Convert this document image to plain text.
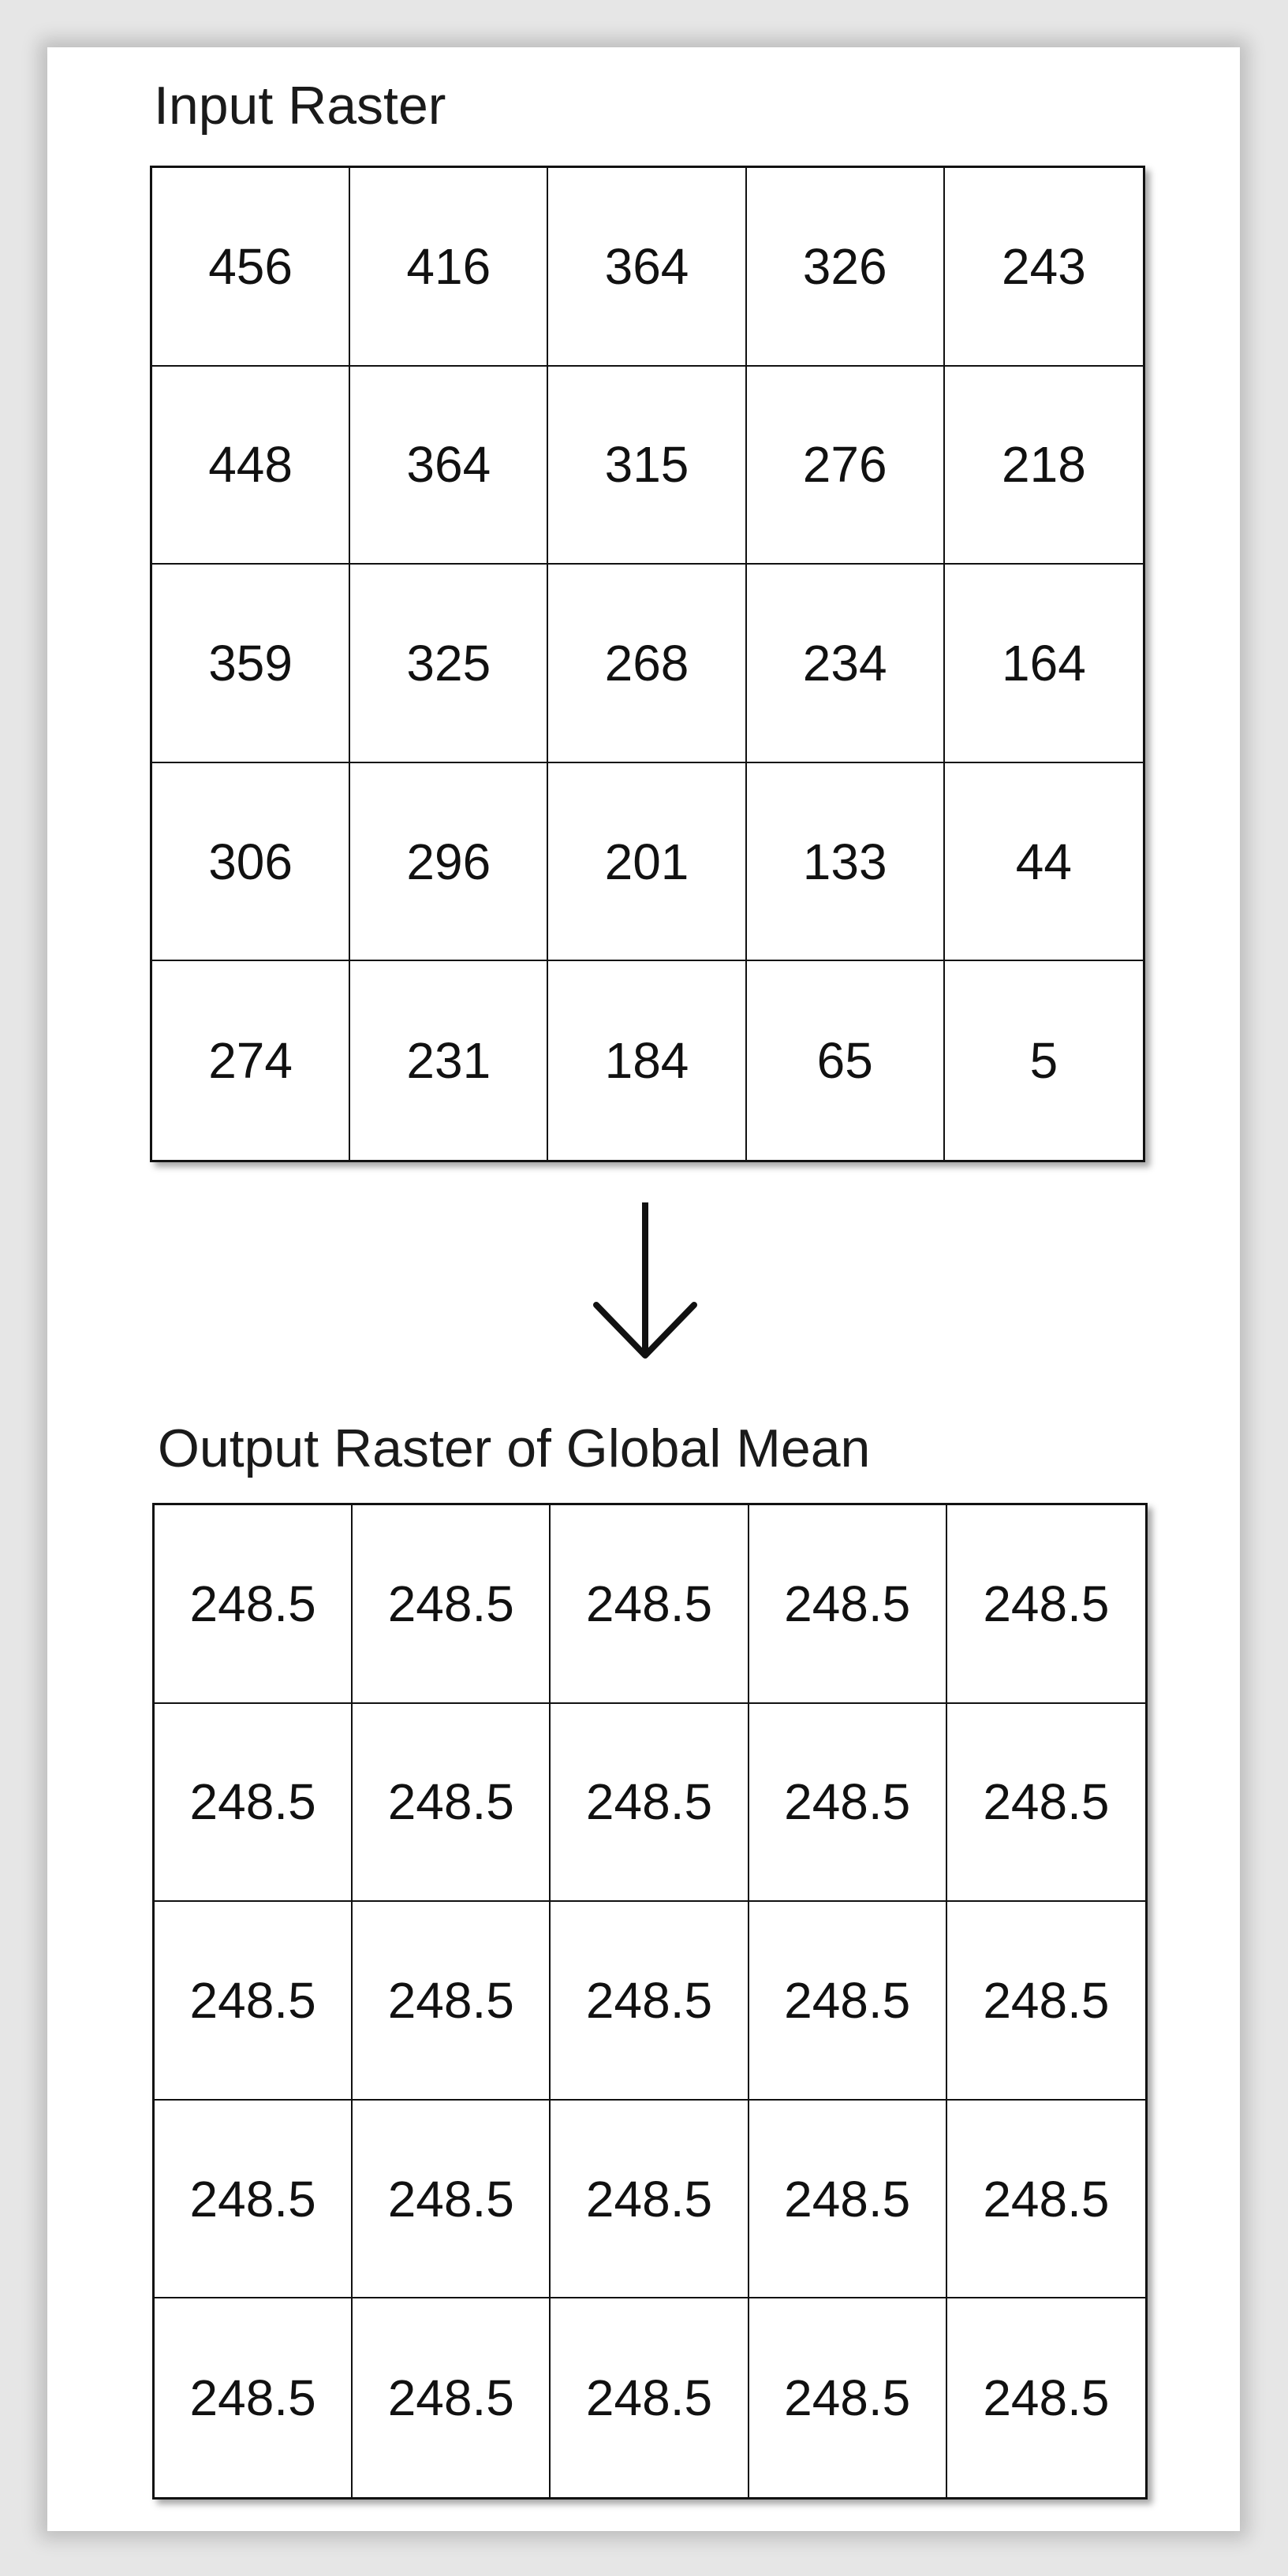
Input Raster
456	416	364	326	243
448	364	315	276	218
359	325	268	234	164
306	296	201	133	44
274	231	184	65	5
Output Raster of Global Mean
248.5	248.5	248.5	248.5	248.5
248.5	248.5	248.5	248.5	248.5
248.5	248.5	248.5	248.5	248.5
248.5	248.5	248.5	248.5	248.5
248.5	248.5	248.5	248.5	248.5
